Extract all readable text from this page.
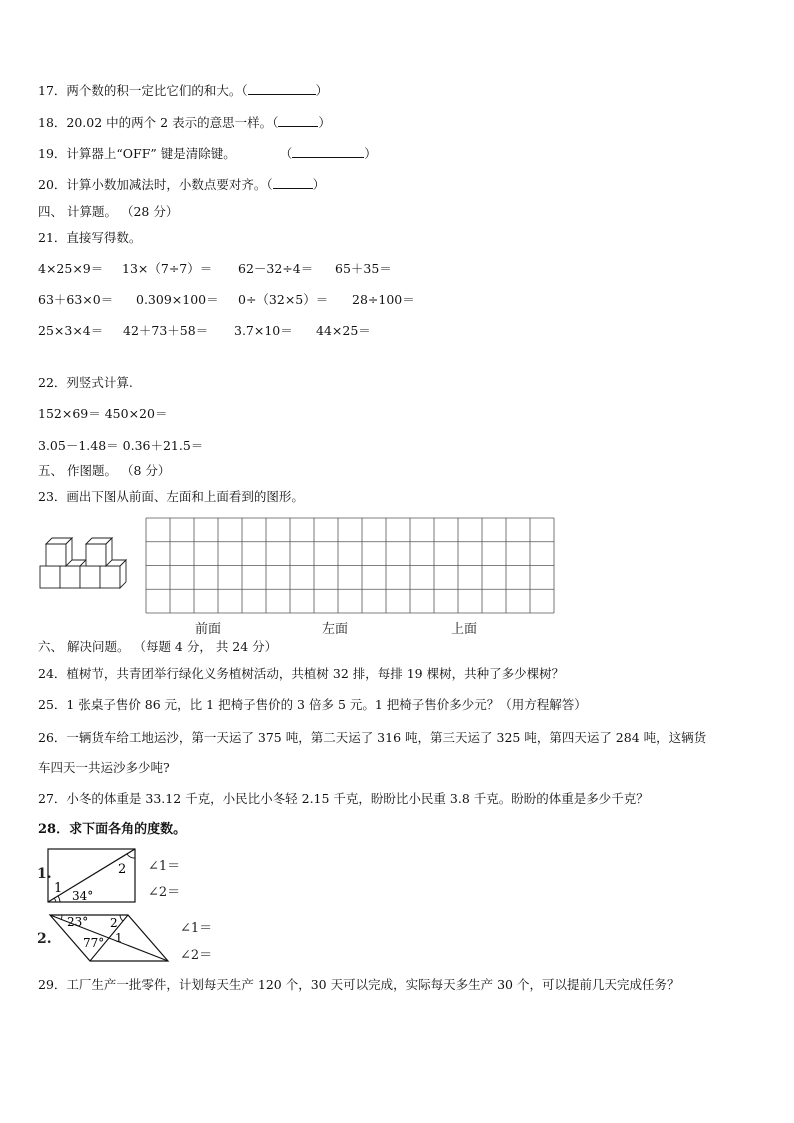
17．两个数的积一定比它们的和大。（	）
18．20.02 中的两个 2 表示的意思一样。（	）
19．计算器上“OFF” 键是清除键。	（	）
20．计算小数加减法时，小数点要对齐。（	）
四、 计算题。 （28 分）
21．直接写得数。
4×25×9＝ 13×（7÷7）＝ 62－32÷4＝ 65＋35＝
63＋63×0＝ 0.309×100＝ 0÷（32×5）＝ 28÷100＝
25×3×4＝ 42＋73＋58＝ 3.7×10＝ 44×25＝
22．列竖式计算.
152×69＝ 450×20＝
3.05－1.48＝ 0.36＋21.5＝
五、 作图题。 （8 分）
23．画出下图从前面、左面和上面看到的图形。
前面	左面	上面
六、 解决问题。 （每题 4 分， 共 24 分）
24．植树节，共青团举行绿化义务植树活动，共植树 32 排，每排 19 棵树，共种了多少棵树？
25．1 张桌子售价 86 元，比 1 把椅子售价的 3 倍多 5 元。1 把椅子售价多少元？（用方程解答）
26．一辆货车给工地运沙，第一天运了 375 吨，第二天运了 316 吨，第三天运了 325 吨，第四天运了 284 吨，这辆货
车四天一共运沙多少吨?
27．小冬的体重是 33.12 千克，小民比小冬轻 2.15 千克，盼盼比小民重 3.8 千克。盼盼的体重是多少千克？
28．求下面各角的度数。
1.
1
2
34°
∠1＝
∠2＝
2.
23° 2
77° 1
∠1＝
∠2＝
29．工厂生产一批零件，计划每天生产 120 个，30 天可以完成，实际每天多生产 30 个，可以提前几天完成任务？
